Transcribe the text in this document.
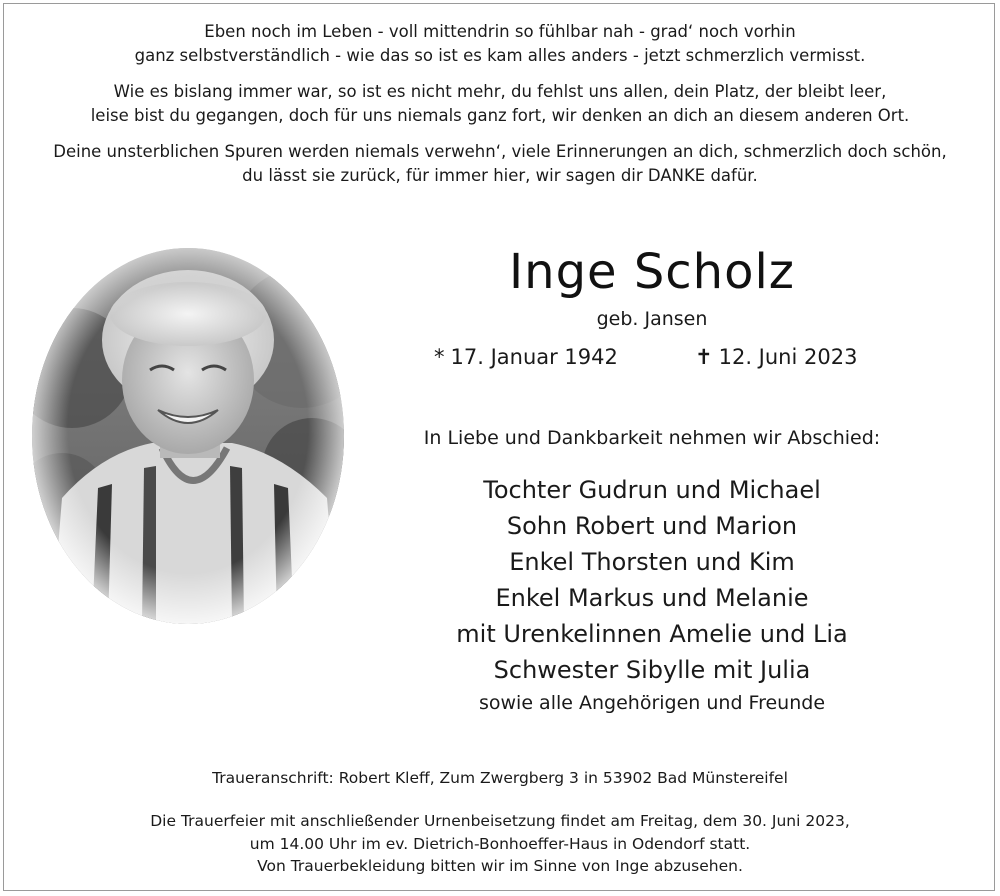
Eben noch im Leben - voll mittendrin so fühlbar nah - grad‘ noch vorhin
ganz selbstverständlich - wie das so ist es kam alles anders - jetzt schmerzlich vermisst.
Wie es bislang immer war, so ist es nicht mehr, du fehlst uns allen, dein Platz, der bleibt leer,
leise bist du gegangen, doch für uns niemals ganz fort, wir denken an dich an diesem anderen Ort.
Deine unsterblichen Spuren werden niemals verwehn‘, viele Erinnerungen an dich, schmerzlich doch schön,
du lässt sie zurück, für immer hier, wir sagen dir DANKE dafür.
Inge Scholz
geb. Jansen
* 17. Januar 1942	✝ 12. Juni 2023
In Liebe und Dankbarkeit nehmen wir Abschied:
Tochter Gudrun und Michael
Sohn Robert und Marion
Enkel Thorsten und Kim
Enkel Markus und Melanie
mit Urenkelinnen Amelie und Lia
Schwester Sibylle mit Julia
sowie alle Angehörigen und Freunde
Traueranschrift: Robert Kleff, Zum Zwergberg 3 in 53902 Bad Münstereifel
Die Trauerfeier mit anschließender Urnenbeisetzung findet am Freitag, dem 30. Juni 2023,
um 14.00 Uhr im ev. Dietrich-Bonhoeffer-Haus in Odendorf statt.
Von Trauerbekleidung bitten wir im Sinne von Inge abzusehen.
